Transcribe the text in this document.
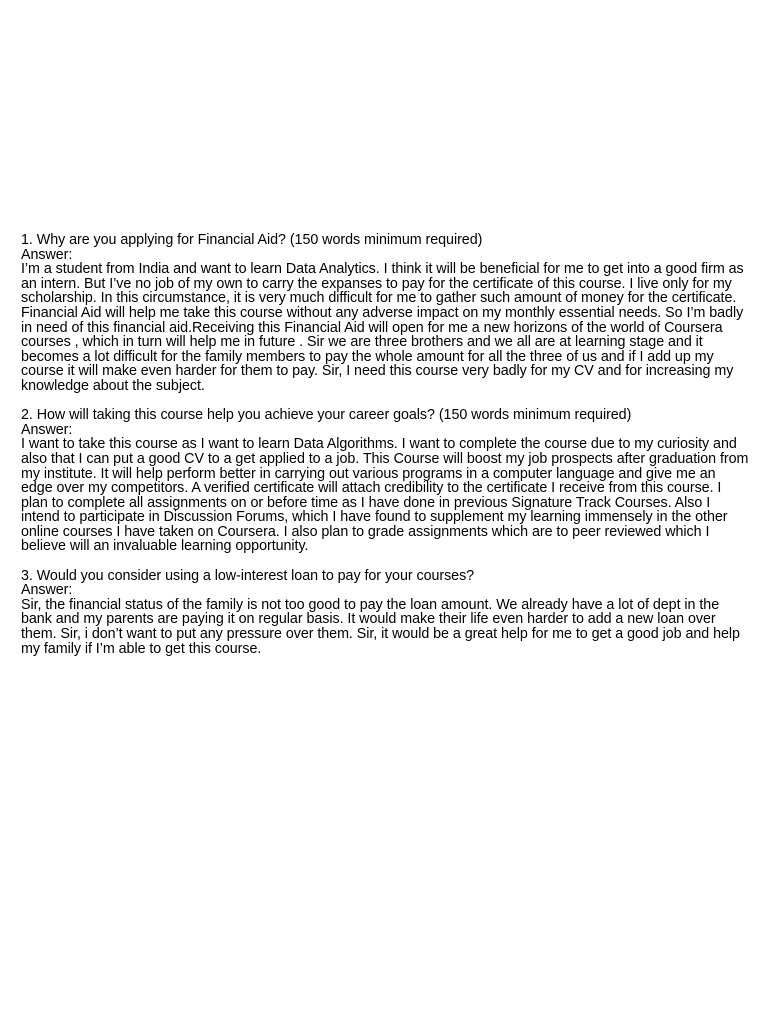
1. Why are you applying for Financial Aid? (150 words minimum required)

Answer:

I’m a student from India and want to learn Data Analytics. I think it will be beneficial for me to get into a good firm as an intern. But I’ve no job of my own to carry the expanses to pay for the certificate of this course. I live only for my scholarship. In this circumstance, it is very much difficult for me to gather such amount of money for the certificate. Financial Aid will help me take this course without any adverse impact on my monthly essential needs. So I’m badly in need of this financial aid.Receiving this Financial Aid will open for me a new horizons of the world of Coursera courses , which in turn will help me in future . Sir we are three brothers and we all are at learning stage and it becomes a lot difficult for the family members to pay the whole amount for all the three of us and if I add up my course it will make even harder for them to pay. Sir, I need this course very badly for my CV and for increasing my knowledge about the subject.

2. How will taking this course help you achieve your career goals? (150 words minimum required)

Answer:

I want to take this course as I want to learn Data Algorithms. I want to complete the course due to my curiosity and also that I can put a good CV to a get applied to a job. This Course will boost my job prospects after graduation from my institute. It will help perform better in carrying out various programs in a computer language and give me an edge over my competitors. A verified certificate will attach credibility to the certificate I receive from this course. I plan to complete all assignments on or before time as I have done in previous Signature Track Courses. Also I intend to participate in Discussion Forums, which I have found to supplement my learning immensely in the other online courses I have taken on Coursera. I also plan to grade assignments which are to peer reviewed which I believe will an invaluable learning opportunity.

3. Would you consider using a low-interest loan to pay for your courses?

Answer:

Sir, the financial status of the family is not too good to pay the loan amount. We already have a lot of dept in the bank and my parents are paying it on regular basis. It would make their life even harder to add a new loan over them. Sir, i don’t want to put any pressure over them. Sir, it would be a great help for me to get a good job and help my family if I’m able to get this course.
